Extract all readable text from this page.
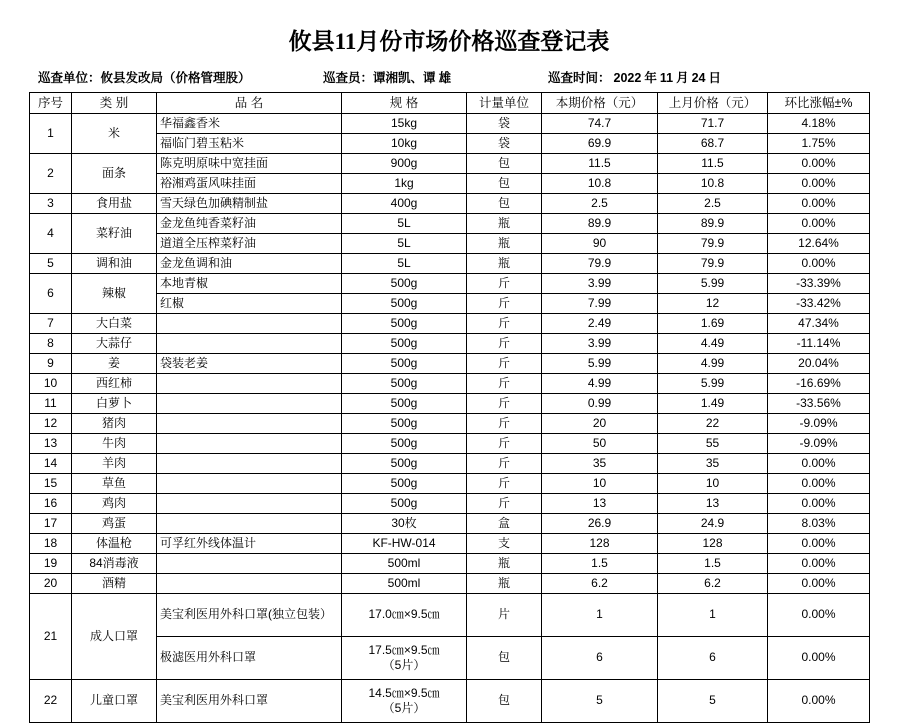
攸县11月份市场价格巡查登记表
巡查单位：攸县发改局（价格管理股）	巡查员：谭湘凯、谭 雄	巡查时间： 2022 年 11 月 24 日
序号	类 别	品 名	规 格	计量单位	本期价格（元）	上月价格（元）	环比涨幅±%
1	米	华福鑫香米	15kg	袋	74.7	71.7	4.18%
		福临门碧玉粘米	10kg	袋	69.9	68.7	1.75%
2	面条	陈克明原味中宽挂面	900g	包	11.5	11.5	0.00%
		裕湘鸡蛋风味挂面	1kg	包	10.8	10.8	0.00%
3	食用盐	雪天绿色加碘精制盐	400g	包	2.5	2.5	0.00%
4	菜籽油	金龙鱼纯香菜籽油	5L	瓶	89.9	89.9	0.00%
		道道全压榨菜籽油	5L	瓶	90	79.9	12.64%
5	调和油	金龙鱼调和油	5L	瓶	79.9	79.9	0.00%
6	辣椒	本地青椒	500g	斤	3.99	5.99	-33.39%
		红椒	500g	斤	7.99	12	-33.42%
7	大白菜		500g	斤	2.49	1.69	47.34%
8	大蒜仔		500g	斤	3.99	4.49	-11.14%
9	姜	袋装老姜	500g	斤	5.99	4.99	20.04%
10	西红柿		500g	斤	4.99	5.99	-16.69%
11	白萝卜		500g	斤	0.99	1.49	-33.56%
12	猪肉		500g	斤	20	22	-9.09%
13	牛肉		500g	斤	50	55	-9.09%
14	羊肉		500g	斤	35	35	0.00%
15	草鱼		500g	斤	10	10	0.00%
16	鸡肉		500g	斤	13	13	0.00%
17	鸡蛋		30枚	盒	26.9	24.9	8.03%
18	体温枪	可孚红外线体温计	KF-HW-014	支	128	128	0.00%
19	84消毒液		500ml	瓶	1.5	1.5	0.00%
20	酒精		500ml	瓶	6.2	6.2	0.00%
21	成人口罩	美宝利医用外科口罩(独立包装）	17.0㎝×9.5㎝	片	1	1	0.00%
		极滤医用外科口罩	17.5㎝×9.5㎝
（5片）	包	6	6	0.00%
22	儿童口罩	美宝利医用外科口罩	14.5㎝×9.5㎝
（5片）	包	5	5	0.00%
